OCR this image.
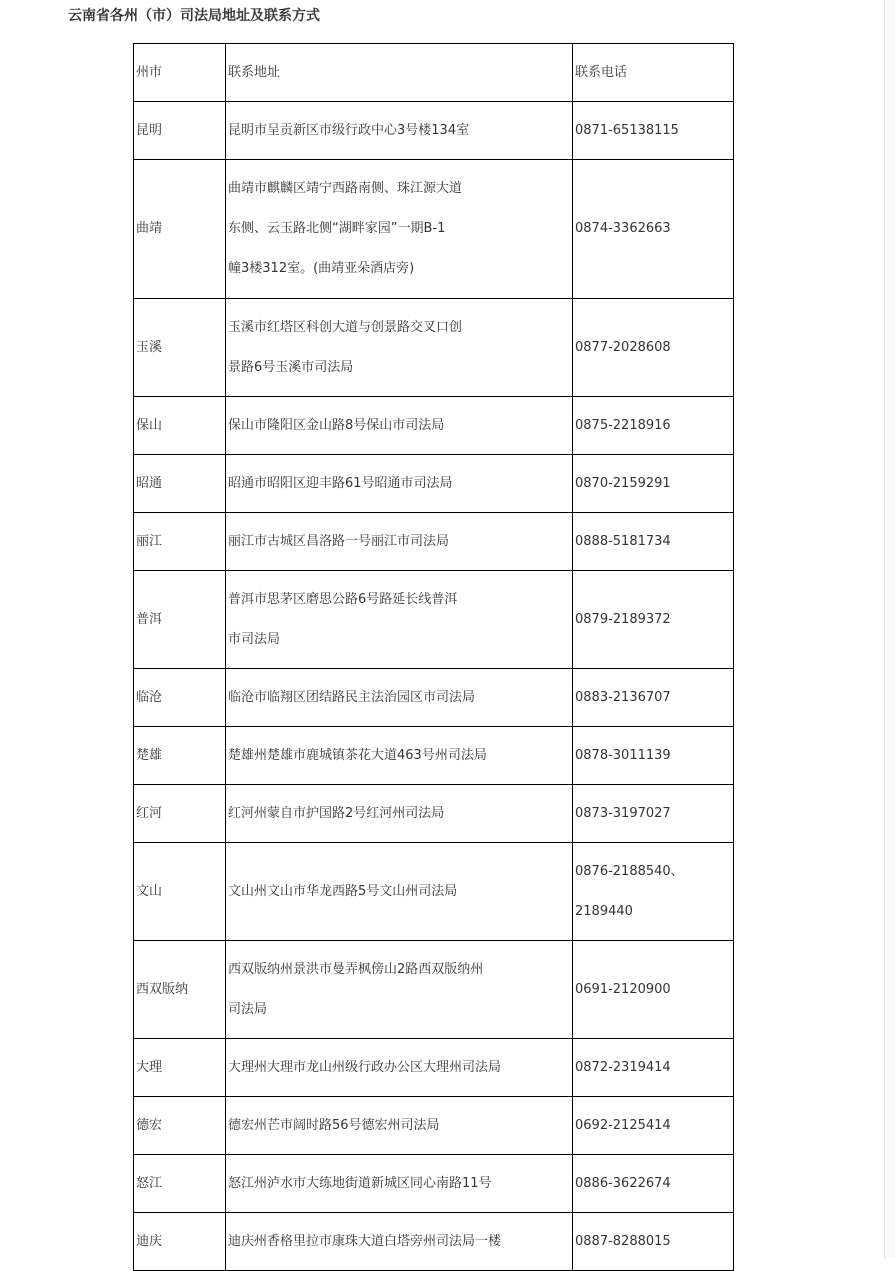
云南省各州（市）司法局地址及联系方式
州市	联系地址	联系电话
昆明	昆明市呈贡新区市级行政中心3号楼134室	0871-65138115

曲靖	曲靖市麒麟区靖宁西路南侧、珠江源大道
东侧、云玉路北侧“湖畔家园”一期B-1
幢3楼312室。(曲靖亚朵酒店旁)	0874-3362663

玉溪	玉溪市红塔区科创大道与创景路交叉口创
景路6号玉溪市司法局	0877-2028608

保山	保山市隆阳区金山路8号保山市司法局	0875-2218916

昭通	昭通市昭阳区迎丰路61号昭通市司法局	0870-2159291

丽江	丽江市古城区昌洛路一号丽江市司法局	0888-5181734

普洱	普洱市思茅区磨思公路6号路延长线普洱
市司法局	0879-2189372

临沧	临沧市临翔区团结路民主法治园区市司法局	0883-2136707

楚雄	楚雄州楚雄市鹿城镇茶花大道463号州司法局	0878-3011139

红河	红河州蒙自市护国路2号红河州司法局	0873-3197027

文山	文山州文山市华龙西路5号文山州司法局	0876-2188540、
2189440

西双版纳	西双版纳州景洪市曼弄枫傍山2路西双版纳州
司法局	0691-2120900

大理	大理州大理市龙山州级行政办公区大理州司法局	0872-2319414

德宏	德宏州芒市阔时路56号德宏州司法局	0692-2125414

怒江	怒江州泸水市大练地街道新城区同心南路11号	0886-3622674

迪庆	迪庆州香格里拉市康珠大道白塔旁州司法局一楼	0887-8288015
